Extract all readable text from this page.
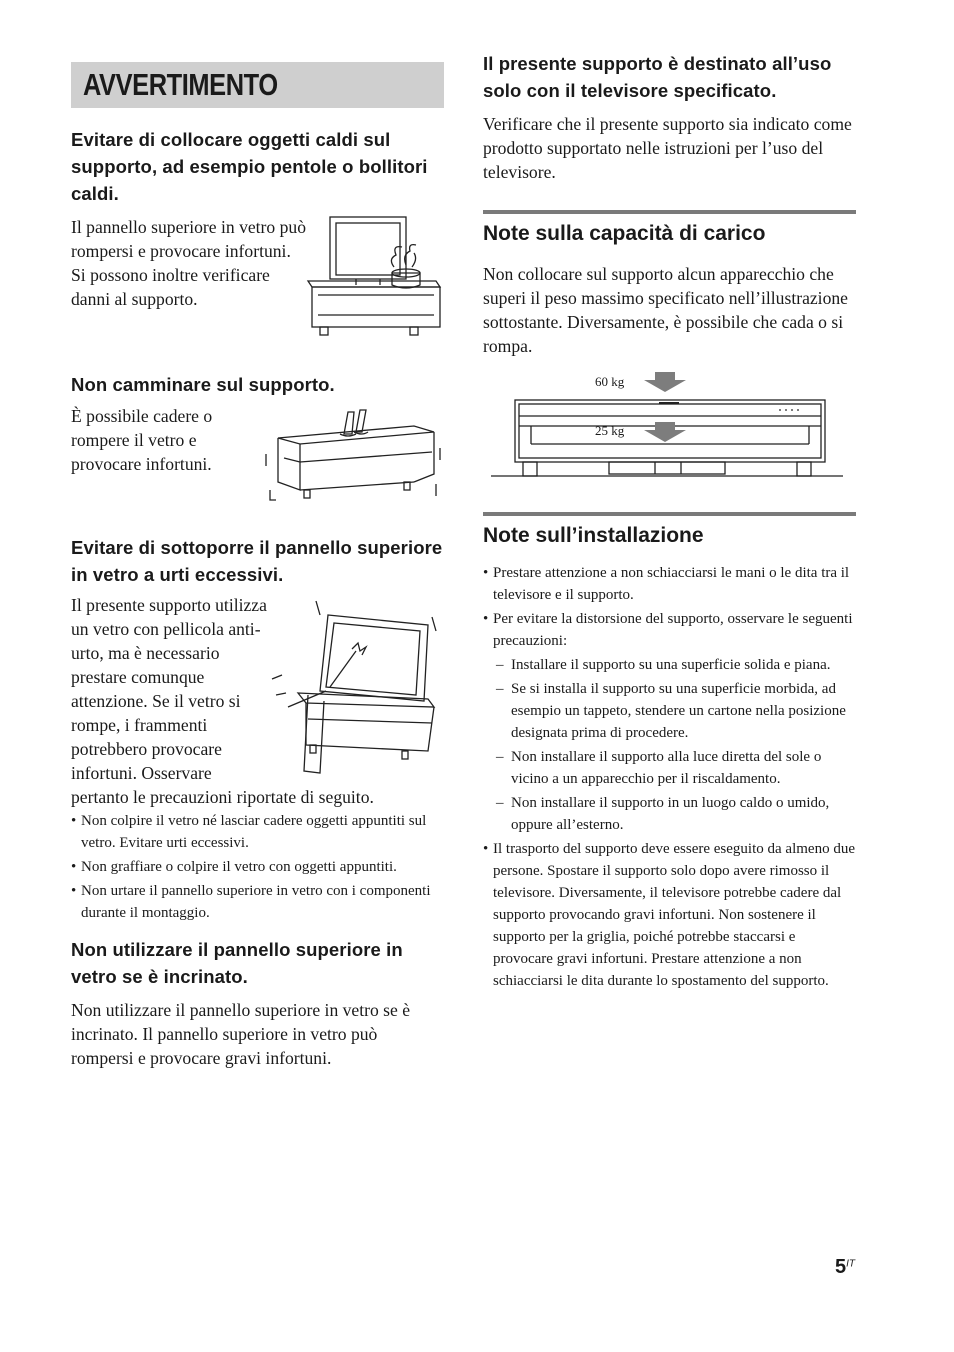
AVVERTIMENTO
Evitare di collocare oggetti caldi sul supporto, ad esempio pentole o bollitori caldi.

Il pannello superiore in vetro può rompersi e provocare infortuni. Si possono inoltre verificare danni al supporto.

Non camminare sul supporto.

È possibile cadere o rompere il vetro e provocare infortuni.

Evitare di sottoporre il pannello superiore in vetro a urti eccessivi.

Il presente supporto utilizza un vetro con pellicola anti-urto, ma è necessario prestare comunque attenzione. Se il vetro si rompe, i frammenti potrebbero provocare infortuni. Osservare pertanto le precauzioni riportate di seguito.

• Non colpire il vetro né lasciar cadere oggetti appuntiti sul vetro. Evitare urti eccessivi.
• Non graffiare o colpire il vetro con oggetti appuntiti.
• Non urtare il pannello superiore in vetro con i componenti durante il montaggio.
Non utilizzare il pannello superiore in vetro se è incrinato.

Non utilizzare il pannello superiore in vetro se è incrinato. Il pannello superiore in vetro può rompersi e provocare gravi infortuni.

Il presente supporto è destinato all’uso solo con il televisore specificato.

Verificare che il presente supporto sia indicato come prodotto supportato nelle istruzioni per l’uso del televisore.

Note sulla capacità di carico

Non collocare sul supporto alcun apparecchio che superi il peso massimo specificato nell’illustrazione sottostante. Diversamente, è possibile che cada o si rompa.

60 kg
25 kg
Note sull’installazione
• Prestare attenzione a non schiacciarsi le mani o le dita tra il televisore e il supporto.
• Per evitare la distorsione del supporto, osservare le seguenti precauzioni:
– Installare il supporto su una superficie solida e piana.
– Se si installa il supporto su una superficie morbida, ad esempio un tappeto, stendere un cartone nella posizione designata prima di procedere.
– Non installare il supporto alla luce diretta del sole o vicino a un apparecchio per il riscaldamento.
– Non installare il supporto in un luogo caldo o umido, oppure all’esterno.
• Il trasporto del supporto deve essere eseguito da almeno due persone. Spostare il supporto solo dopo avere rimosso il televisore. Diversamente, il televisore potrebbe cadere dal supporto provocando gravi infortuni. Non sostenere il supporto per la griglia, poiché potrebbe staccarsi e provocare gravi infortuni. Prestare attenzione a non schiacciarsi le dita durante lo spostamento del supporto.
$5^{IT}$
